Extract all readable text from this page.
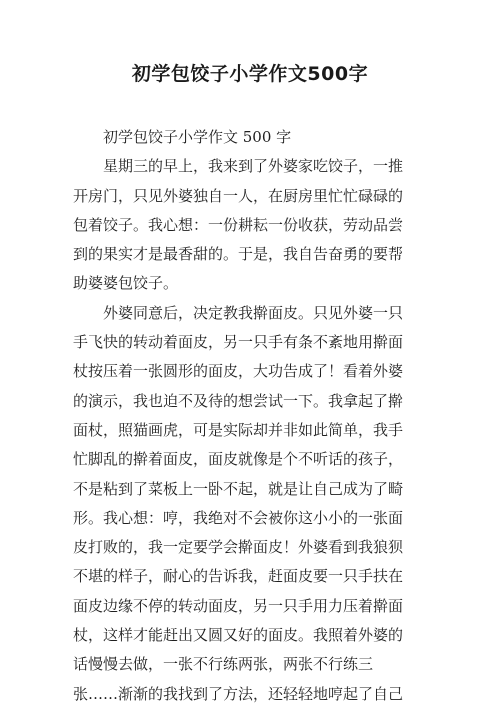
初学包饺子小学作文500字

初学包饺子小学作文 500 字

星期三的早上，我来到了外婆家吃饺子，一推
开房门，只见外婆独自一人，在厨房里忙忙碌碌的
包着饺子。我心想：一份耕耘一份收获，劳动品尝
到的果实才是最香甜的。于是，我自告奋勇的要帮
助婆婆包饺子。

外婆同意后，决定教我擀面皮。只见外婆一只
手飞快的转动着面皮，另一只手有条不紊地用擀面
杖按压着一张圆形的面皮，大功告成了！看着外婆
的演示，我也迫不及待的想尝试一下。我拿起了擀
面杖，照猫画虎，可是实际却并非如此简单，我手
忙脚乱的擀着面皮，面皮就像是个不听话的孩子，
不是粘到了菜板上一卧不起，就是让自己成为了畸
形。我心想：哼，我绝对不会被你这小小的一张面
皮打败的，我一定要学会擀面皮！外婆看到我狼狈
不堪的样子，耐心的告诉我，赶面皮要一只手扶在
面皮边缘不停的转动面皮，另一只手用力压着擀面
杖，这样才能赶出又圆又好的面皮。我照着外婆的
话慢慢去做，一张不行练两张，两张不行练三
张……渐渐的我找到了方法，还轻轻地哼起了自己
